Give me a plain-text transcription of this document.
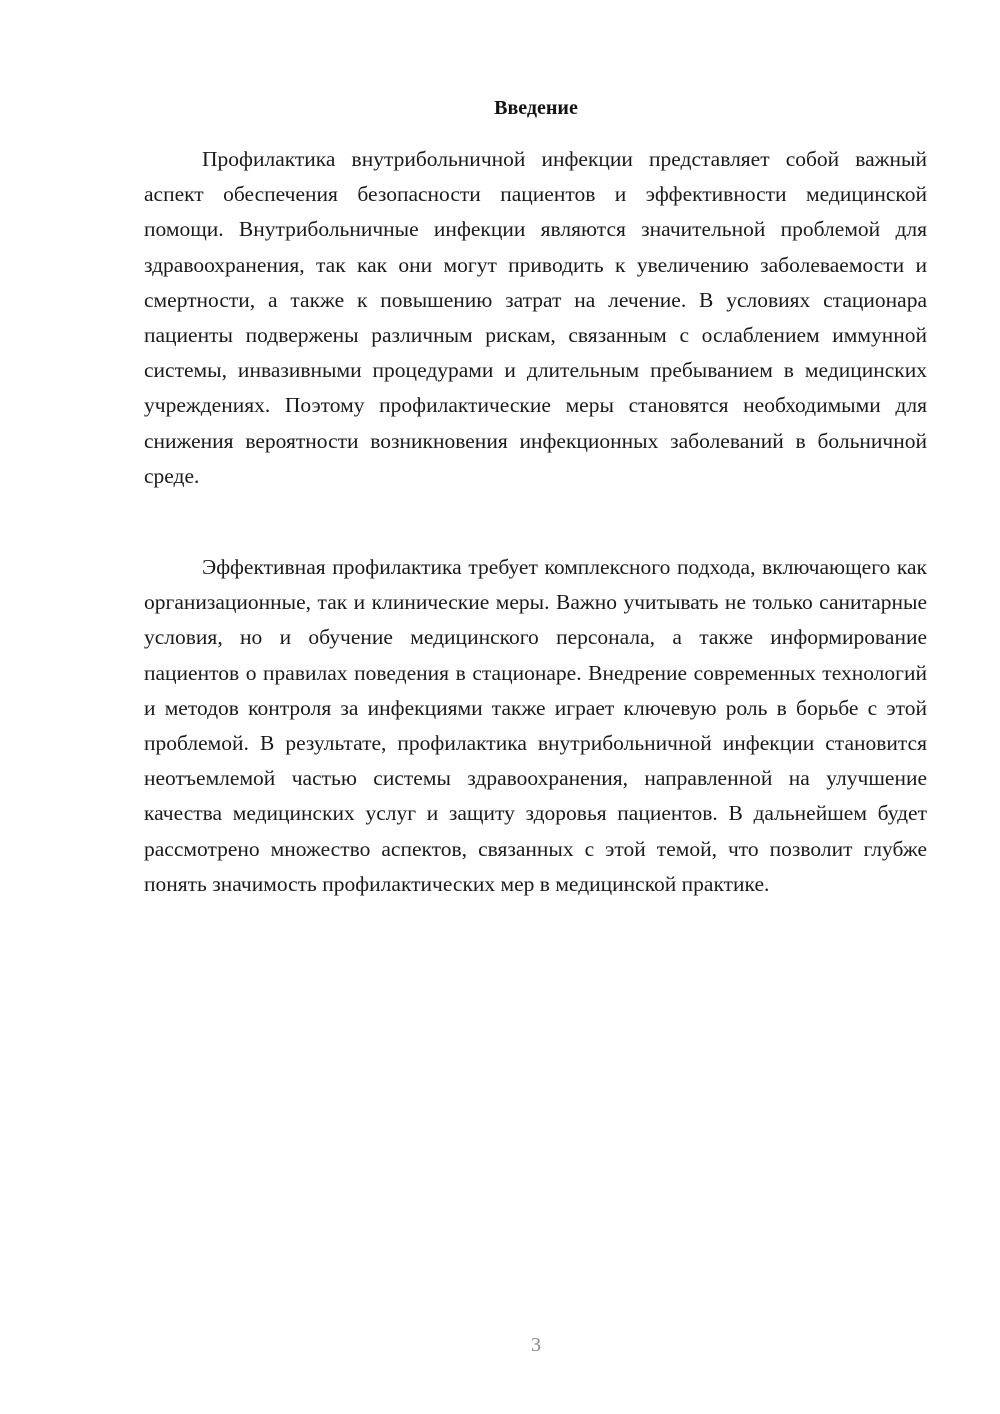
Введение

Профилактика внутрибольничной инфекции представляет собой важный аспект обеспечения безопасности пациентов и эффективности медицинской помощи. Внутрибольничные инфекции являются значительной проблемой для здравоохранения, так как они могут приводить к увеличению заболеваемости и смертности, а также к повышению затрат на лечение. В условиях стационара пациенты подвержены различным рискам, связанным с ослаблением иммунной системы, инвазивными процедурами и длительным пребыванием в медицинских учреждениях. Поэтому профилактические меры становятся необходимыми для снижения вероятности возникновения инфекционных заболеваний в больничной среде.

Эффективная профилактика требует комплексного подхода, включающего как организационные, так и клинические меры. Важно учитывать не только санитарные условия, но и обучение медицинского персонала, а также информирование пациентов о правилах поведения в стационаре. Внедрение современных технологий и методов контроля за инфекциями также играет ключевую роль в борьбе с этой проблемой. В результате, профилактика внутрибольничной инфекции становится неотъемлемой частью системы здравоохранения, направленной на улучшение качества медицинских услуг и защиту здоровья пациентов. В дальнейшем будет рассмотрено множество аспектов, связанных с этой темой, что позволит глубже понять значимость профилактических мер в медицинской практике.

3
